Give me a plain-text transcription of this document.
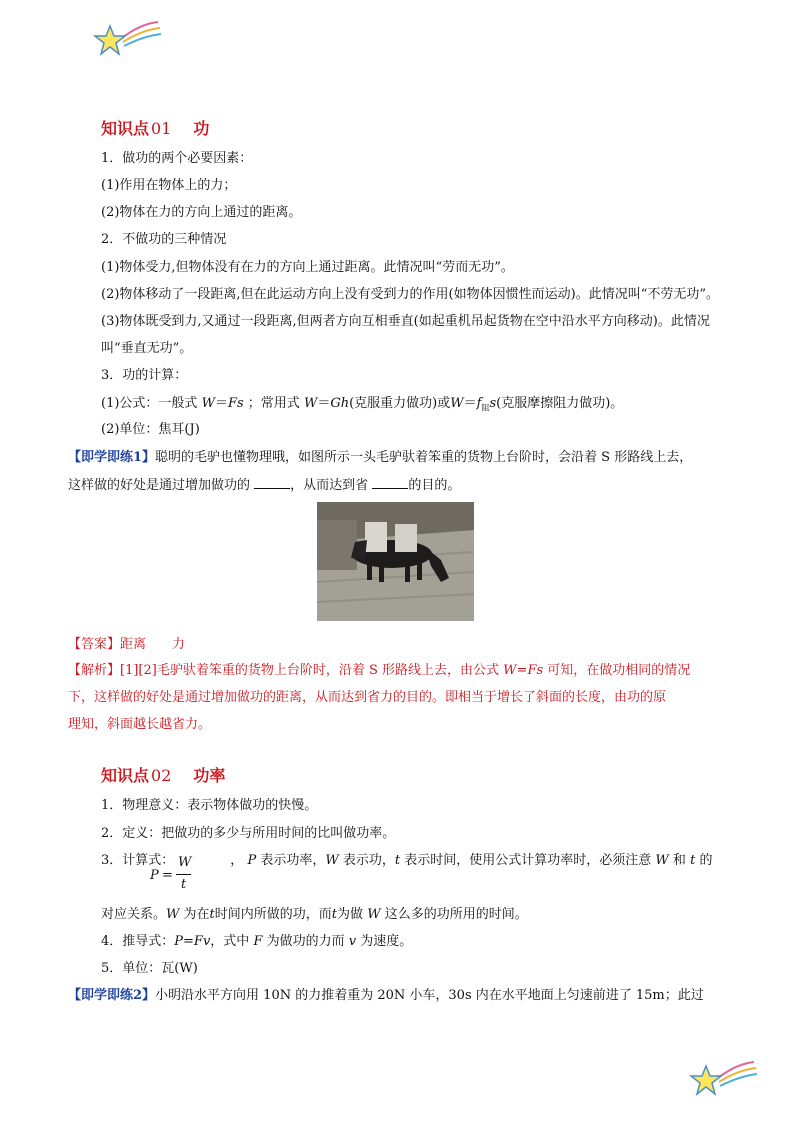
知识点 01 功
1．做功的两个必要因素：
(1)作用在物体上的力；
(2)物体在力的方向上通过的距离。
2．不做功的三种情况
(1)物体受力,但物体没有在力的方向上通过距离。此情况叫“劳而无功”。
(2)物体移动了一段距离,但在此运动方向上没有受到力的作用(如物体因惯性而运动)。此情况叫“不劳无功”。
(3)物体既受到力,又通过一段距离,但两者方向互相垂直(如起重机吊起货物在空中沿水平方向移动)。此情况
叫“垂直无功”。
3．功的计算：
(1)公式：一般式 W＝Fs ；常用式 W＝Gh(克服重力做功)或$W=f_阻s$(克服摩擦阻力做功)。
(2)单位：焦耳(J)
【即学即练1】聪明的毛驴也懂物理哦，如图所示一头毛驴驮着笨重的货物上台阶时，会沿着 S 形路线上去，
这样做的好处是通过增加做功的	，从而达到省	的目的。
【答案】距离　　力
【解析】[1][2]毛驴驮着笨重的货物上台阶时，沿着 S 形路线上去，由公式 W=Fs 可知，在做功相同的情况
下，这样做的好处是通过增加做功的距离，从而达到省力的目的。即相当于增长了斜面的长度，由功的原
理知，斜面越长越省力。
知识点 02 功率
1．物理意义：表示物体做功的快慢。
2．定义：把做功的多少与所用时间的比叫做功率。
3．计算式：	， P 表示功率，W 表示功，t 表示时间，使用公式计算功率时，必须注意 W 和 t 的
P =
W
t
对应关系。W 为在t时间内所做的功，而t为做 W 这么多的功所用的时间。
4．推导式：P=Fv，式中 F 为做功的力而 v 为速度。
5．单位：瓦(W)
【即学即练2】小明沿水平方向用 10N 的力推着重为 20N 小车，30s 内在水平地面上匀速前进了 15m；此过
